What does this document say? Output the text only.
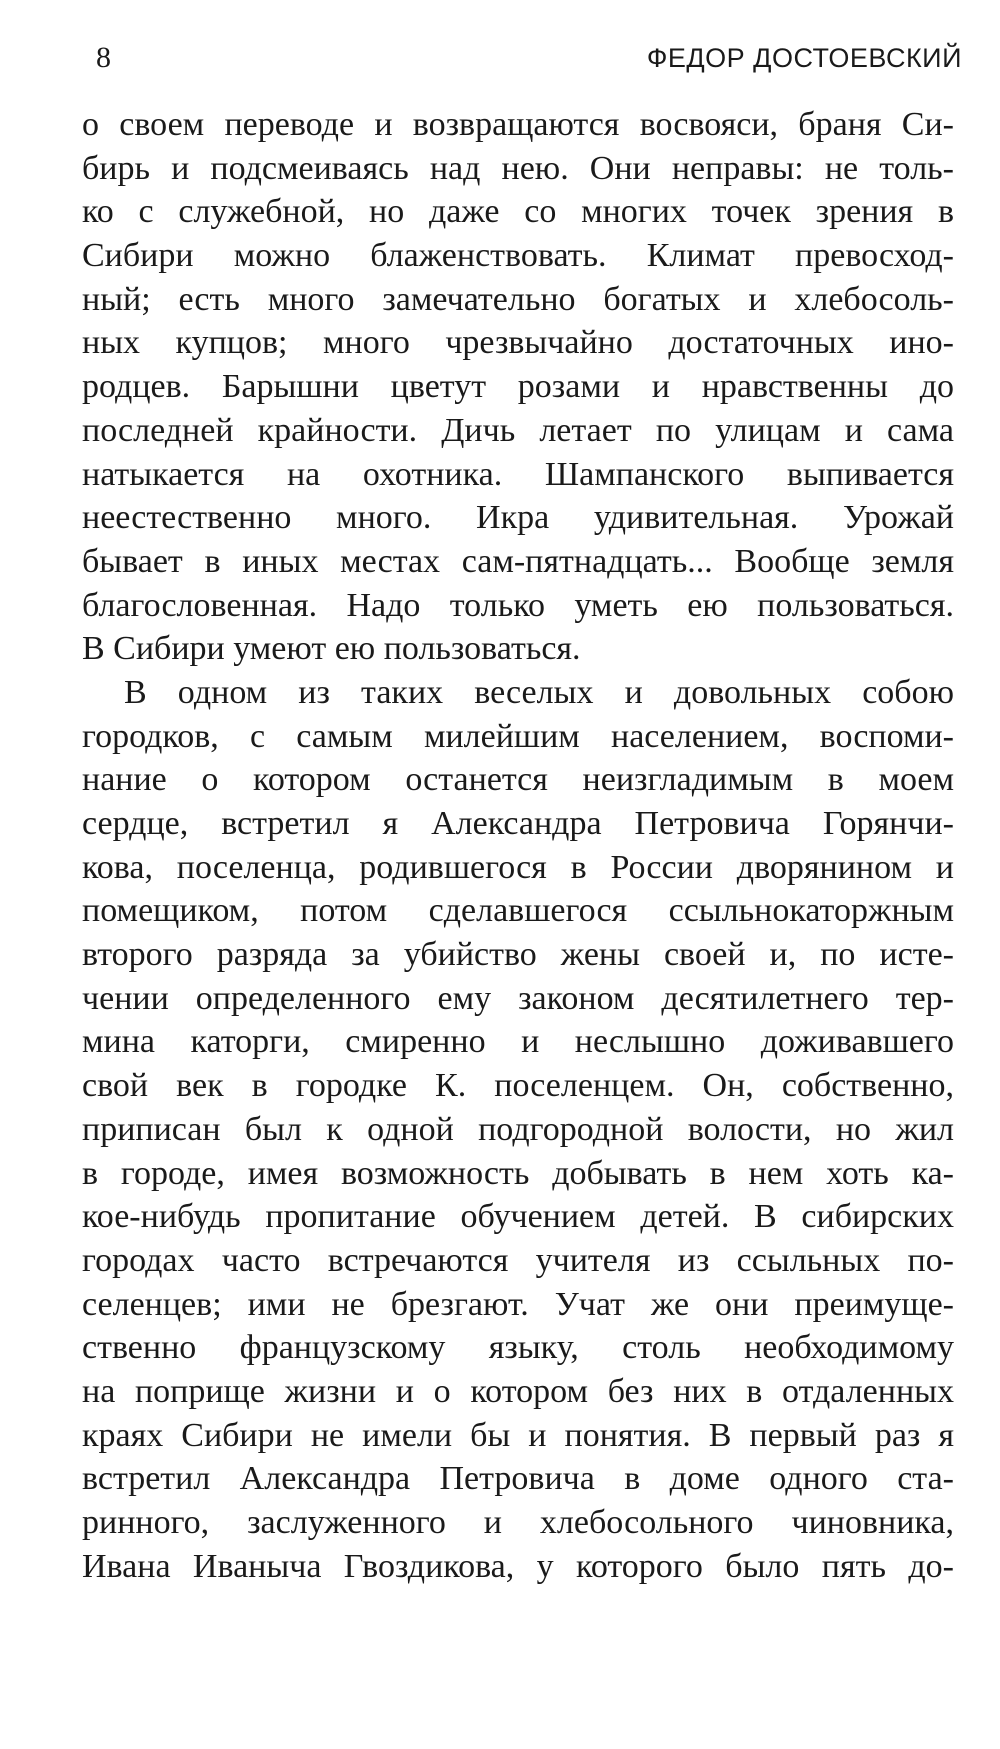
8	ФЕДОР ДОСТОЕВСКИЙ
о своем переводе и возвращаются восвояси, браня Си-
бирь и подсмеиваясь над нею. Они неправы: не толь-
ко с служебной, но даже со многих точек зрения в
Сибири можно блаженствовать. Климат превосход-
ный; есть много замечательно богатых и хлебосоль-
ных купцов; много чрезвычайно достаточных ино-
родцев. Барышни цветут розами и нравственны до
последней крайности. Дичь летает по улицам и сама
натыкается на охотника. Шампанского выпивается
неестественно много. Икра удивительная. Урожай
бывает в иных местах сам-пятнадцать... Вообще земля
благословенная. Надо только уметь ею пользоваться.
В Сибири умеют ею пользоваться.
В одном из таких веселых и довольных собою
городков, с самым милейшим населением, воспоми-
нание о котором останется неизгладимым в моем
сердце, встретил я Александра Петровича Горянчи-
кова, поселенца, родившегося в России дворянином и
помещиком, потом сделавшегося ссыльнокаторжным
второго разряда за убийство жены своей и, по исте-
чении определенного ему законом десятилетнего тер-
мина каторги, смиренно и неслышно доживавшего
свой век в городке К. поселенцем. Он, собственно,
приписан был к одной подгородной волости, но жил
в городе, имея возможность добывать в нем хоть ка-
кое-нибудь пропитание обучением детей. В сибирских
городах часто встречаются учителя из ссыльных по-
селенцев; ими не брезгают. Учат же они преимуще-
ственно французскому языку, столь необходимому
на поприще жизни и о котором без них в отдаленных
краях Сибири не имели бы и понятия. В первый раз я
встретил Александра Петровича в доме одного ста-
ринного, заслуженного и хлебосольного чиновника,
Ивана Иваныча Гвоздикова, у которого было пять до-
